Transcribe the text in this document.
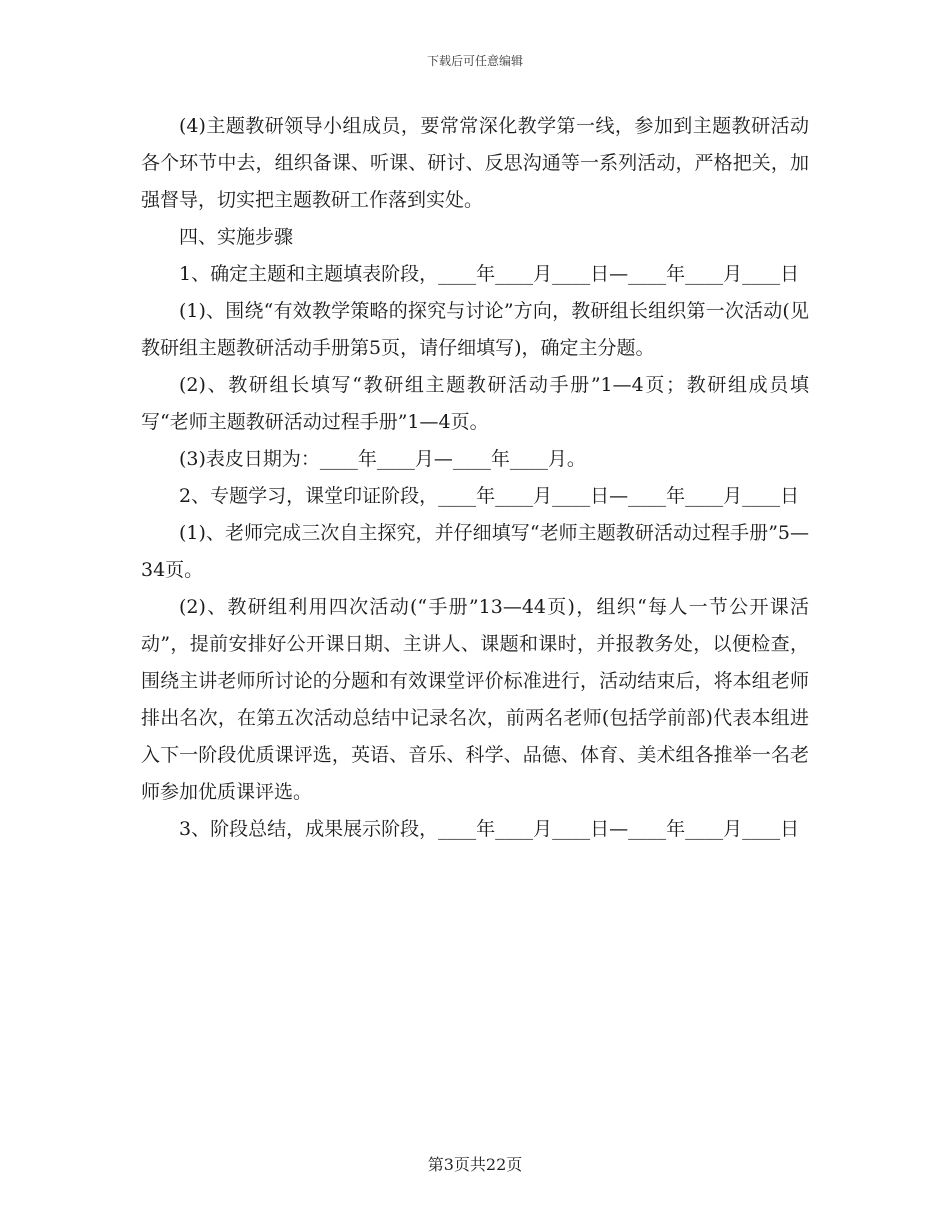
下载后可任意编辑

(4)主题教研领导小组成员，要常常深化教学第一线，参加到主题教研活动各个环节中去，组织备课、听课、研讨、反思沟通等一系列活动，严格把关，加强督导，切实把主题教研工作落到实处。

四、实施步骤

1、确定主题和主题填表阶段，____年____月____日—____年____月____日

(1)、围绕“有效教学策略的探究与讨论”方向，教研组长组织第一次活动(见教研组主题教研活动手册第5页，请仔细填写)，确定主分题。

(2)、教研组长填写“教研组主题教研活动手册”1—4页；教研组成员填写“老师主题教研活动过程手册”1—4页。

(3)表皮日期为：____年____月—____年____月。

2、专题学习，课堂印证阶段，____年____月____日—____年____月____日

(1)、老师完成三次自主探究，并仔细填写“老师主题教研活动过程手册”5—34页。

(2)、教研组利用四次活动(“手册”13—44页)，组织“每人一节公开课活动”，提前安排好公开课日期、主讲人、课题和课时，并报教务处，以便检查，围绕主讲老师所讨论的分题和有效课堂评价标准进行，活动结束后，将本组老师排出名次，在第五次活动总结中记录名次，前两名老师(包括学前部)代表本组进入下一阶段优质课评选，英语、音乐、科学、品德、体育、美术组各推举一名老师参加优质课评选。

3、阶段总结，成果展示阶段，____年____月____日—____年____月____日

第3页共22页
